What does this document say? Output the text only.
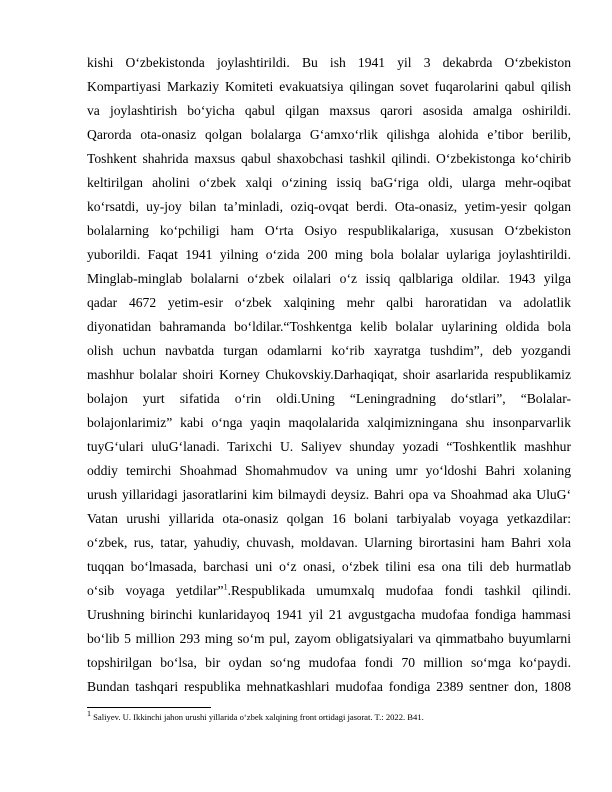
kishi O‘zbekistonda joylashtirildi. Bu ish 1941 yil 3 dekabrda O‘zbekiston
Kompartiyasi Markaziy Komiteti evakuatsiya qilingan sovet fuqarolarini qabul qilish
va joylashtirish bo‘yicha qabul qilgan maxsus qarori asosida amalga oshirildi.
Qarorda ota-onasiz qolgan bolalarga G‘amxo‘rlik qilishga alohida e’tibor berilib,
Toshkent shahrida maxsus qabul shaxobchasi tashkil qilindi. O‘zbekistonga ko‘chirib
keltirilgan aholini o‘zbek xalqi o‘zining issiq baG‘riga oldi, ularga mehr-oqibat
ko‘rsatdi, uy-joy bilan ta’minladi, oziq-ovqat berdi. Ota-onasiz, yetim-yesir qolgan
bolalarning ko‘pchiligi ham O‘rta Osiyo respublikalariga, xususan O‘zbekiston
yuborildi. Faqat 1941 yilning o‘zida 200 ming bola bolalar uylariga joylashtirildi.
Minglab-minglab bolalarni o‘zbek oilalari o‘z issiq qalblariga oldilar. 1943 yilga
qadar 4672 yetim-esir o‘zbek xalqining mehr qalbi haroratidan va adolatlik
diyonatidan bahramanda bo‘ldilar.“Toshkentga kelib bolalar uylarining oldida bola
olish uchun navbatda turgan odamlarni ko‘rib xayratga tushdim”, deb yozgandi
mashhur bolalar shoiri Korney Chukovskiy.Darhaqiqat, shoir asarlarida respublikamiz
bolajon yurt sifatida o‘rin oldi.Uning “Leningradning do‘stlari”, “Bolalar-
bolajonlarimiz” kabi o‘nga yaqin maqolalarida xalqimizningana shu insonparvarlik
tuyG‘ulari uluG‘lanadi. Tarixchi U. Saliyev shunday yozadi “Toshkentlik mashhur
oddiy temirchi Shoahmad Shomahmudov va uning umr yo‘ldoshi Bahri xolaning
urush yillaridagi jasoratlarini kim bilmaydi deysiz. Bahri opa va Shoahmad aka UluG‘
Vatan urushi yillarida ota-onasiz qolgan 16 bolani tarbiyalab voyaga yetkazdilar:
o‘zbek, rus, tatar, yahudiy, chuvash, moldavan. Ularning birortasini ham Bahri xola
tuqqan bo‘lmasada, barchasi uni o‘z onasi, o‘zbek tilini esa ona tili deb hurmatlab
o‘sib voyaga yetdilar”$^1$.Respublikada umumxalq mudofaa fondi tashkil qilindi.
Urushning birinchi kunlaridayoq 1941 yil 21 avgustgacha mudofaa fondiga hammasi
bo‘lib 5 million 293 ming so‘m pul, zayom obligatsiyalari va qimmatbaho buyumlarni
topshirilgan bo‘lsa, bir oydan so‘ng mudofaa fondi 70 million so‘mga ko‘paydi.
Bundan tashqari respublika mehnatkashlari mudofaa fondiga 2389 sentner don, 1808
$^1$ Saliyev. U. Ikkinchi jahon urushi yillarida o‘zbek xalqining front ortidagi jasorat. T.: 2022. B41.
